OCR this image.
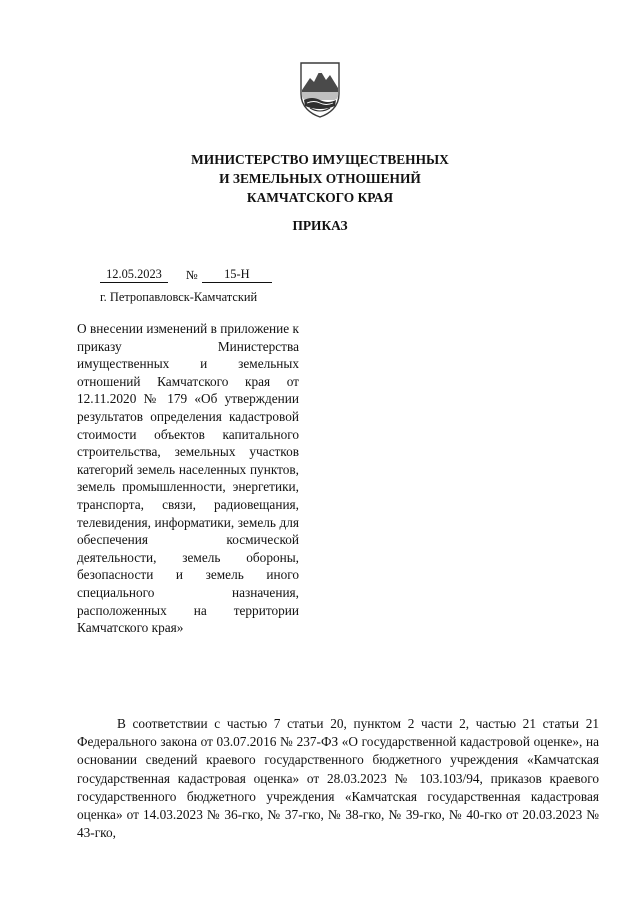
МИНИСТЕРСТВО ИМУЩЕСТВЕННЫХ
И ЗЕМЕЛЬНЫХ ОТНОШЕНИЙ
КАМЧАТСКОГО КРАЯ
ПРИКАЗ
12.05.2023	№	15-Н
г. Петропавловск-Камчатский
О внесении изменений в приложение к приказу Министерства имущественных и земельных отношений Камчатского края от 12.11.2020 № 179 «Об утверждении результатов определения кадастровой стоимости объектов капитального строительства, земельных участков категорий земель населенных пунктов, земель промышленности, энергетики, транспорта, связи, радиовещания, телевидения, информатики, земель для обеспечения космической деятельности, земель обороны, безопасности и земель иного специального назначения, расположенных на территории Камчатского края»
В соответствии с частью 7 статьи 20, пунктом 2 части 2, частью 21 статьи 21 Федерального закона от 03.07.2016 № 237-ФЗ «О государственной кадастровой оценке», на основании сведений краевого государственного бюджетного учреждения «Камчатская государственная кадастровая оценка» от 28.03.2023 № 103.103/94, приказов краевого государственного бюджетного учреждения «Камчатская государственная кадастровая оценка» от 14.03.2023 № 36-гко, № 37-гко, № 38-гко, № 39-гко, № 40-гко от 20.03.2023 № 43-гко,
